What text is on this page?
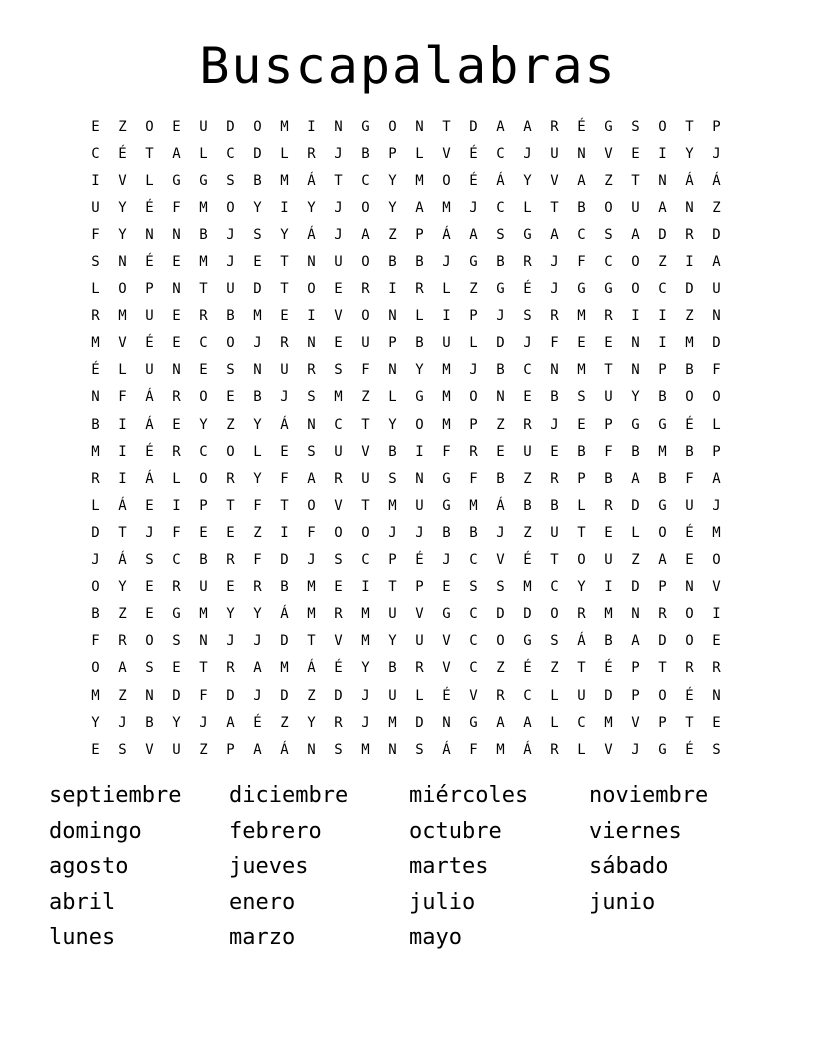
Buscapalabras
E	Z	O	E	U	D	O	M	I	N	G	O	N	T	D	A	A	R	É	G	S	O	T	P
C	É	T	A	L	C	D	L	R	J	B	P	L	V	É	C	J	U	N	V	E	I	Y	J
I	V	L	G	G	S	B	M	Á	T	C	Y	M	O	É	Á	Y	V	A	Z	T	N	Á	Á
U	Y	É	F	M	O	Y	I	Y	J	O	Y	A	M	J	C	L	T	B	O	U	A	N	Z
F	Y	N	N	B	J	S	Y	Á	J	A	Z	P	Á	A	S	G	A	C	S	A	D	R	D
S	N	É	E	M	J	E	T	N	U	O	B	B	J	G	B	R	J	F	C	O	Z	I	A
L	O	P	N	T	U	D	T	O	E	R	I	R	L	Z	G	É	J	G	G	O	C	D	U
R	M	U	E	R	B	M	E	I	V	O	N	L	I	P	J	S	R	M	R	I	I	Z	N
M	V	É	E	C	O	J	R	N	E	U	P	B	U	L	D	J	F	E	E	N	I	M	D
É	L	U	N	E	S	N	U	R	S	F	N	Y	M	J	B	C	N	M	T	N	P	B	F
N	F	Á	R	O	E	B	J	S	M	Z	L	G	M	O	N	E	B	S	U	Y	B	O	O
B	I	Á	E	Y	Z	Y	Á	N	C	T	Y	O	M	P	Z	R	J	E	P	G	G	É	L
M	I	É	R	C	O	L	E	S	U	V	B	I	F	R	E	U	E	B	F	B	M	B	P
R	I	Á	L	O	R	Y	F	A	R	U	S	N	G	F	B	Z	R	P	B	A	B	F	A
L	Á	E	I	P	T	F	T	O	V	T	M	U	G	M	Á	B	B	L	R	D	G	U	J
D	T	J	F	E	E	Z	I	F	O	O	J	J	B	B	J	Z	U	T	E	L	O	É	M
J	Á	S	C	B	R	F	D	J	S	C	P	É	J	C	V	É	T	O	U	Z	A	E	O
O	Y	E	R	U	E	R	B	M	E	I	T	P	E	S	S	M	C	Y	I	D	P	N	V
B	Z	E	G	M	Y	Y	Á	M	R	M	U	V	G	C	D	D	O	R	M	N	R	O	I
F	R	O	S	N	J	J	D	T	V	M	Y	U	V	C	O	G	S	Á	B	A	D	O	E
O	A	S	E	T	R	A	M	Á	É	Y	B	R	V	C	Z	É	Z	T	É	P	T	R	R
M	Z	N	D	F	D	J	D	Z	D	J	U	L	É	V	R	C	L	U	D	P	O	É	N
Y	J	B	Y	J	A	É	Z	Y	R	J	M	D	N	G	A	A	L	C	M	V	P	T	E
E	S	V	U	Z	P	A	Á	N	S	M	N	S	Á	F	M	Á	R	L	V	J	G	É	S
septiembre	diciembre	miércoles	noviembre
domingo	febrero	octubre	viernes
agosto	jueves	martes	sábado
abril	enero	julio	junio
lunes	marzo	mayo
